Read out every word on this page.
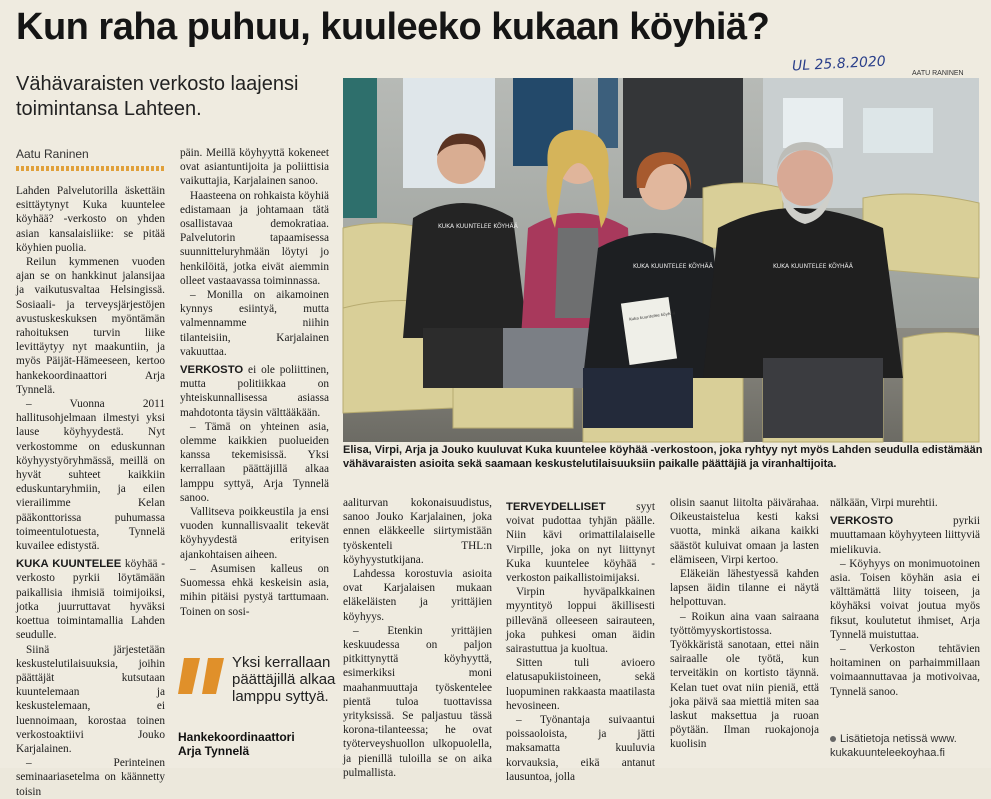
Kun raha puhuu, kuuleeko kukaan köyhiä?
Vähävaraisten verkosto laajensi toimintansa Lahteen.
Aatu Raninen
UL 25.8.2020	AATU RANINEN
KUKA KUUNTELEE KÖYHÄÄ
KUKA KUUNTELEE KÖYHÄÄ	KUKA KUUNTELEE KÖYHÄÄ
Kuka kuuntelee köyhää
Elisa, Virpi, Arja ja Jouko kuuluvat Kuka kuuntelee köyhää -verkostoon, joka ryhtyy nyt myös Lahden seudulla edistämään vähävaraisten asioita sekä saamaan keskustelutilaisuuksiin paikalle päättäjiä ja viranhaltijoita.

Lahden Palvelutorilla äskettäin esittäytynyt Kuka kuuntelee köyhää? -verkosto on yhden asian kansalaisliike: se pitää köyhien puolia.

Reilun kymmenen vuoden ajan se on hankkinut jalansijaa ja vaikutusvaltaa Helsingissä. Sosiaali- ja terveysjärjestöjen avustuskeskuksen myöntämän rahoituksen turvin liike levittäytyy nyt maakuntiin, ja myös Päijät-Hämeeseen, kertoo hankekoordinaattori Arja Tynnelä.

– Vuonna 2011 hallitusohjelmaan ilmestyi yksi lause köyhyydestä. Nyt verkostomme on eduskunnan köyhyystyöryhmässä, meillä on hyvät suhteet kaikkiin eduskuntaryhmiin, ja eilen vierailimme Kelan pääkonttorissa puhumassa toimeentulotuesta, Tynnelä kuvailee edistystä.

KUKA KUUNTELEE köyhää -verkosto pyrkii löytämään paikallisia ihmisiä toimijoiksi, jotka juurruttavat hyväksi koettua toimintamallia Lahden seudulle.

Siinä järjestetään keskustelutilaisuuksia, joihin päättäjät kutsutaan kuuntelemaan ja keskustelemaan, ei luennoimaan, korostaa toinen verkostoaktiivi Jouko Karjalainen.

– Perinteinen seminaariasetelma on käännetty toisin

päin. Meillä köyhyyttä kokeneet ovat asiantuntijoita ja poliittisia vaikuttajia, Karjalainen sanoo.

Haasteena on rohkaista köyhiä edistamaan ja johtamaan tätä osallistavaa demokratiaa. Palvelutorin tapaamisessa suunnitteluryhmään löytyi jo henkilöitä, jotka eivät aiemmin olleet vastaavassa toiminnassa.

– Monilla on aikamoinen kynnys esiintyä, mutta valmennamme niihin tilanteisiin, Karjalainen vakuuttaa.

VERKOSTO ei ole poliittinen, mutta politiikkaa on yhteiskunnallisessa asiassa mahdotonta täysin välttääkään.

– Tämä on yhteinen asia, olemme kaikkien puolueiden kanssa tekemisissä. Yksi kerrallaan päättäjillä alkaa lamppu syttyä, Arja Tynnelä sanoo.

Vallitseva poikkeustila ja ensi vuoden kunnallisvaalit tekevät köyhyydestä erityisen ajankohtaisen aiheen.

– Asumisen kalleus on Suomessa ehkä keskeisin asia, mihin pitäisi pystyä tarttumaan. Toinen on sosi-

aaliturvan kokonaisuudistus, sanoo Jouko Karjalainen, joka ennen eläkkeelle siirtymistään työskenteli THL:n köyhyystutkijana.

Lahdessa korostuvia asioita ovat Karjalaisen mukaan eläkeläisten ja yrittäjien köyhyys.

– Etenkin yrittäjien keskuudessa on paljon pitkittynyttä köyhyyttä, esimerkiksi moni maahanmuuttaja työskentelee pientä tuloa tuottavissa yrityksissä. Se paljastuu tässä korona-tilanteessa; he ovat työterveyshuollon ulkopuolella, ja pienillä tuloilla se on aika pulmallista.

TERVEYDELLISET syyt voivat pudottaa tyhjän päälle. Niin kävi orimattilalaiselle Virpille, joka on nyt liittynyt Kuka kuuntelee köyhää -verkoston paikallistoimijaksi.

Virpin hyväpalkkainen myyntityö loppui äkillisesti pillevänä olleeseen sairauteen, joka puhkesi oman äidin sairastuttua ja kuoltua.

Sitten tuli avioero elatusapukiistoineen, sekä luopuminen rakkaasta maatilasta hevosineen.

– Työnantaja suivaantui poissaoloista, ja jätti maksamatta kuuluvia korvauksia, eikä antanut lausuntoa, jolla

olisin saanut liitolta päivärahaa. Oikeustaistelua kesti kaksi vuotta, minkä aikana kaikki säästöt kuluivat omaan ja lasten elämiseen, Virpi kertoo.

Eläkeiän lähestyessä kahden lapsen äidin tilanne ei näytä helpottuvan.

– Roikun aina vaan sairaana työttömyyskortistossa. Työkkäristä sanotaan, ettei näin sairaalle ole työtä, kun terveitäkin on kortisto täynnä. Kelan tuet ovat niin pieniä, että joka päivä saa miettiä miten saa laskut maksettua ja ruoan pöytään. Ilman ruokajonoja kuolisin

nälkään, Virpi murehtii.

VERKOSTO pyrkii muuttamaan köyhyyteen liittyviä mielikuvia.

– Köyhyys on monimuotoinen asia. Toisen köyhän asia ei välttämättä liity toiseen, ja köyhäksi voivat joutua myös fiksut, koulutetut ihmiset, Arja Tynnelä muistuttaa.

– Verkoston tehtävien hoitaminen on parhaimmillaan voimaannuttavaa ja motivoivaa, Tynnelä sanoo.

Yksi kerrallaan päättäjillä alkaa lamppu syttyä.
Hankekoordinaattori
Arja Tynnelä
Lisätietoja netissä www.
kukakuunteleekoyhaa.fi
